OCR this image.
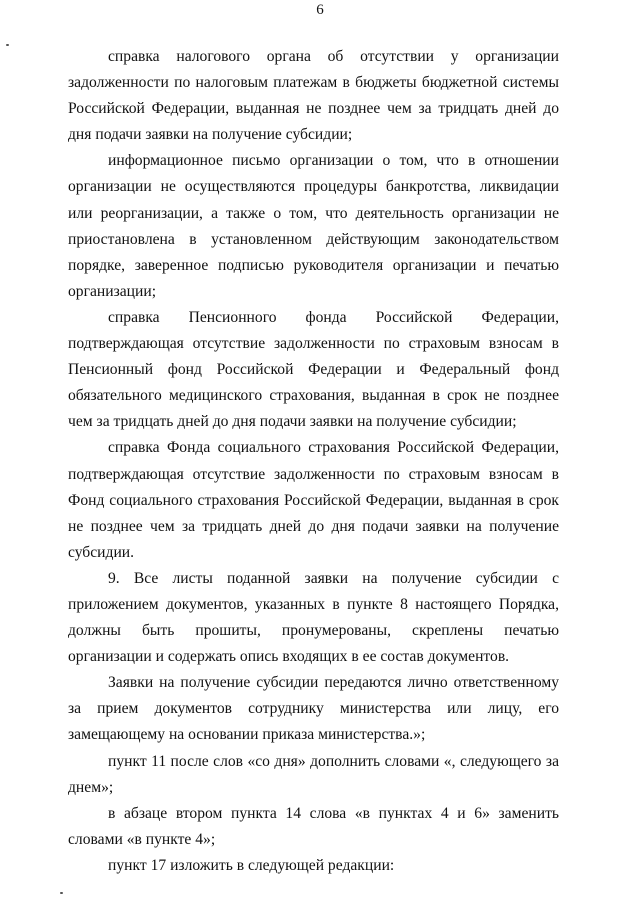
6

справка налогового органа об отсутствии у организации задолженности по налоговым платежам в бюджеты бюджетной системы Российской Федерации, выданная не позднее чем за тридцать дней до дня подачи заявки на получение субсидии;

информационное письмо организации о том, что в отношении организации не осуществляются процедуры банкротства, ликвидации или реорганизации, а также о том, что деятельность организации не приостановлена в установленном действующим законодательством порядке, заверенное подписью руководителя организации и печатью организации;

справка Пенсионного фонда Российской Федерации, подтверждающая отсутствие задолженности по страховым взносам в Пенсионный фонд Российской Федерации и Федеральный фонд обязательного медицинского страхования, выданная в срок не позднее чем за тридцать дней до дня подачи заявки на получение субсидии;

справка Фонда социального страхования Российской Федерации, подтверждающая отсутствие задолженности по страховым взносам в Фонд социального страхования Российской Федерации, выданная в срок не позднее чем за тридцать дней до дня подачи заявки на получение субсидии.

9. Все листы поданной заявки на получение субсидии с приложением документов, указанных в пункте 8 настоящего Порядка, должны быть прошиты, пронумерованы, скреплены печатью организации и содержать опись входящих в ее состав документов.

Заявки на получение субсидии передаются лично ответственному за прием документов сотруднику министерства или лицу, его замещающему на основании приказа министерства.»;

пункт 11 после слов «со дня» дополнить словами «, следующего за днем»;

в абзаце втором пункта 14 слова «в пунктах 4 и 6» заменить словами «в пункте 4»;

пункт 17 изложить в следующей редакции:
